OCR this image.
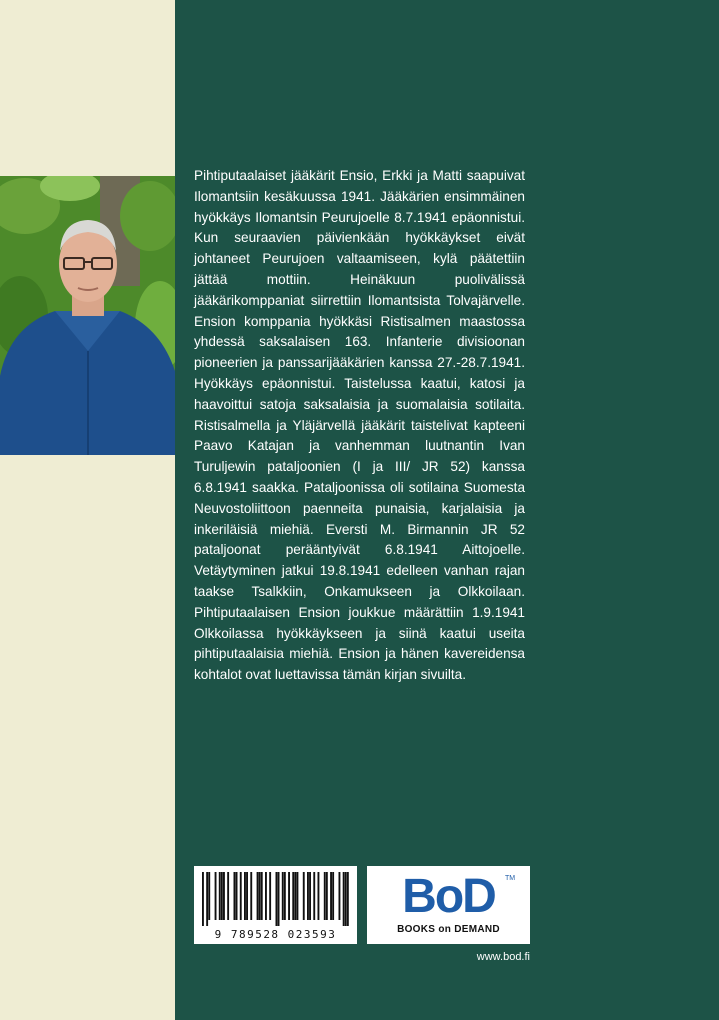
Pihtiputaalaiset jääkärit Ensio, Erkki ja Matti saapuivat Ilomantsiin kesäkuussa 1941. Jääkärien ensimmäinen hyökkäys Ilomantsin Peurujoelle 8.7.1941 epäonnistui. Kun seuraavien päivienkään hyökkäykset eivät johtaneet Peurujoen valtaamiseen, kylä päätettiin jättää mottiin. Heinäkuun puolivälissä jääkärikomppaniat siirrettiin Ilomantsista Tolvajärvelle. Ension komppania hyökkäsi Ristisalmen maastossa yhdessä saksalaisen 163. Infanterie divisioonan pioneerien ja panssarijääkärien kanssa 27.-28.7.1941. Hyökkäys epäonnistui. Taistelussa kaatui, katosi ja haavoittui satoja saksalaisia ja suomalaisia sotilaita. Ristisalmella ja Yläjärvellä jääkärit taistelivat kapteeni Paavo Katajan ja vanhemman luutnantin Ivan Turuljewin pataljoonien (I ja III/ JR 52) kanssa 6.8.1941 saakka. Pataljoonissa oli sotilaina Suomesta Neuvostoliittoon paenneita punaisia, karjalaisia ja inkeriläisiä miehiä. Eversti M. Birmannin JR 52 pataljoonat perääntyivät 6.8.1941 Aittojoelle. Vetäytyminen jatkui 19.8.1941 edelleen vanhan rajan taakse Tsalkkiin, Onkamukseen ja Olkkoilaan. Pihtiputaalaisen Ension joukkue määrättiin 1.9.1941 Olkkoilassa hyökkäykseen ja siinä kaatui useita pihtiputaalaisia miehiä. Ension ja hänen kavereidensa kohtalot ovat luettavissa tämän kirjan sivuilta.

9 789528 023593
BoD	TM
BOOKS on DEMAND
www.bod.fi
